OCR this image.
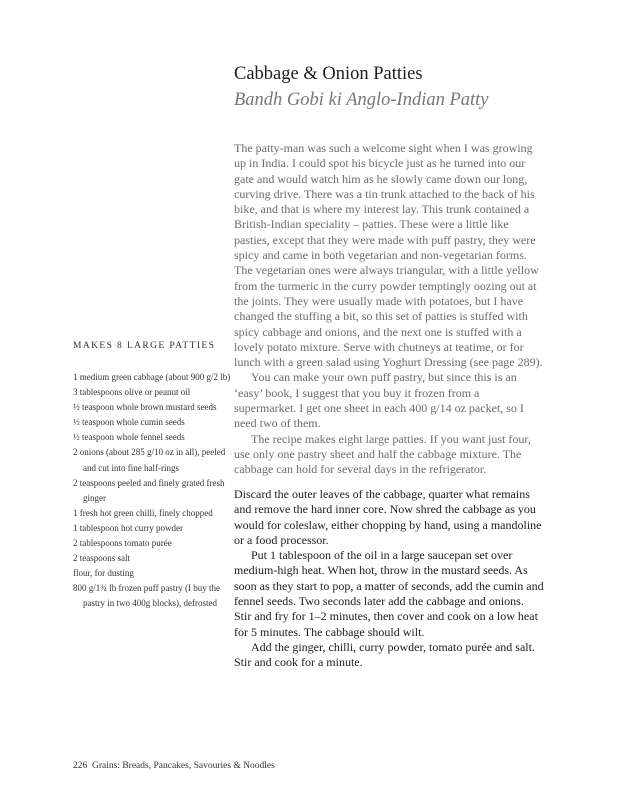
Cabbage & Onion Patties
Bandh Gobi ki Anglo-Indian Patty

The patty-man was such a welcome sight when I was growing up in India. I could spot his bicycle just as he turned into our gate and would watch him as he slowly came down our long, curving drive. There was a tin trunk attached to the back of his bike, and that is where my interest lay. This trunk contained a British-Indian speciality – patties. These were a little like pasties, except that they were made with puff pastry, they were spicy and came in both vegetarian and non-vegetarian forms. The vegetarian ones were always triangular, with a little yellow from the turmeric in the curry powder temptingly oozing out at the joints. They were usually made with potatoes, but I have changed the stuffing a bit, so this set of patties is stuffed with spicy cabbage and onions, and the next one is stuffed with a lovely potato mixture. Serve with chutneys at teatime, or for lunch with a green salad using Yoghurt Dressing (see page 289).

You can make your own puff pastry, but since this is an ‘easy’ book, I suggest that you buy it frozen from a supermarket. I get one sheet in each 400 g/14 oz packet, so I need two of them.

The recipe makes eight large patties. If you want just four, use only one pastry sheet and half the cabbage mixture. The cabbage can hold for several days in the refrigerator.

MAKES 8 LARGE PATTIES
1 medium green cabbage (about 900 g/2 lb)
3 tablespoons olive or peanut oil
½ teaspoon whole brown mustard seeds
½ teaspoon whole cumin seeds
½ teaspoon whole fennel seeds
2 onions (about 285 g/10 oz in all), peeled and cut into fine half-rings
2 teaspoons peeled and finely grated fresh ginger
1 fresh hot green chilli, finely chopped
1 tablespoon hot curry powder
2 tablespoons tomato purée
2 teaspoons salt
flour, for dusting
800 g/1¾ lb frozen puff pastry (I buy the pastry in two 400g blocks), defrosted

Discard the outer leaves of the cabbage, quarter what remains and remove the hard inner core. Now shred the cabbage as you would for coleslaw, either chopping by hand, using a mandoline or a food processor.

Put 1 tablespoon of the oil in a large saucepan set over medium-high heat. When hot, throw in the mustard seeds. As soon as they start to pop, a matter of seconds, add the cumin and fennel seeds. Two seconds later add the cabbage and onions. Stir and fry for 1–2 minutes, then cover and cook on a low heat for 5 minutes. The cabbage should wilt.

Add the ginger, chilli, curry powder, tomato purée and salt. Stir and cook for a minute.

226 Grains: Breads, Pancakes, Savouries & Noodles
